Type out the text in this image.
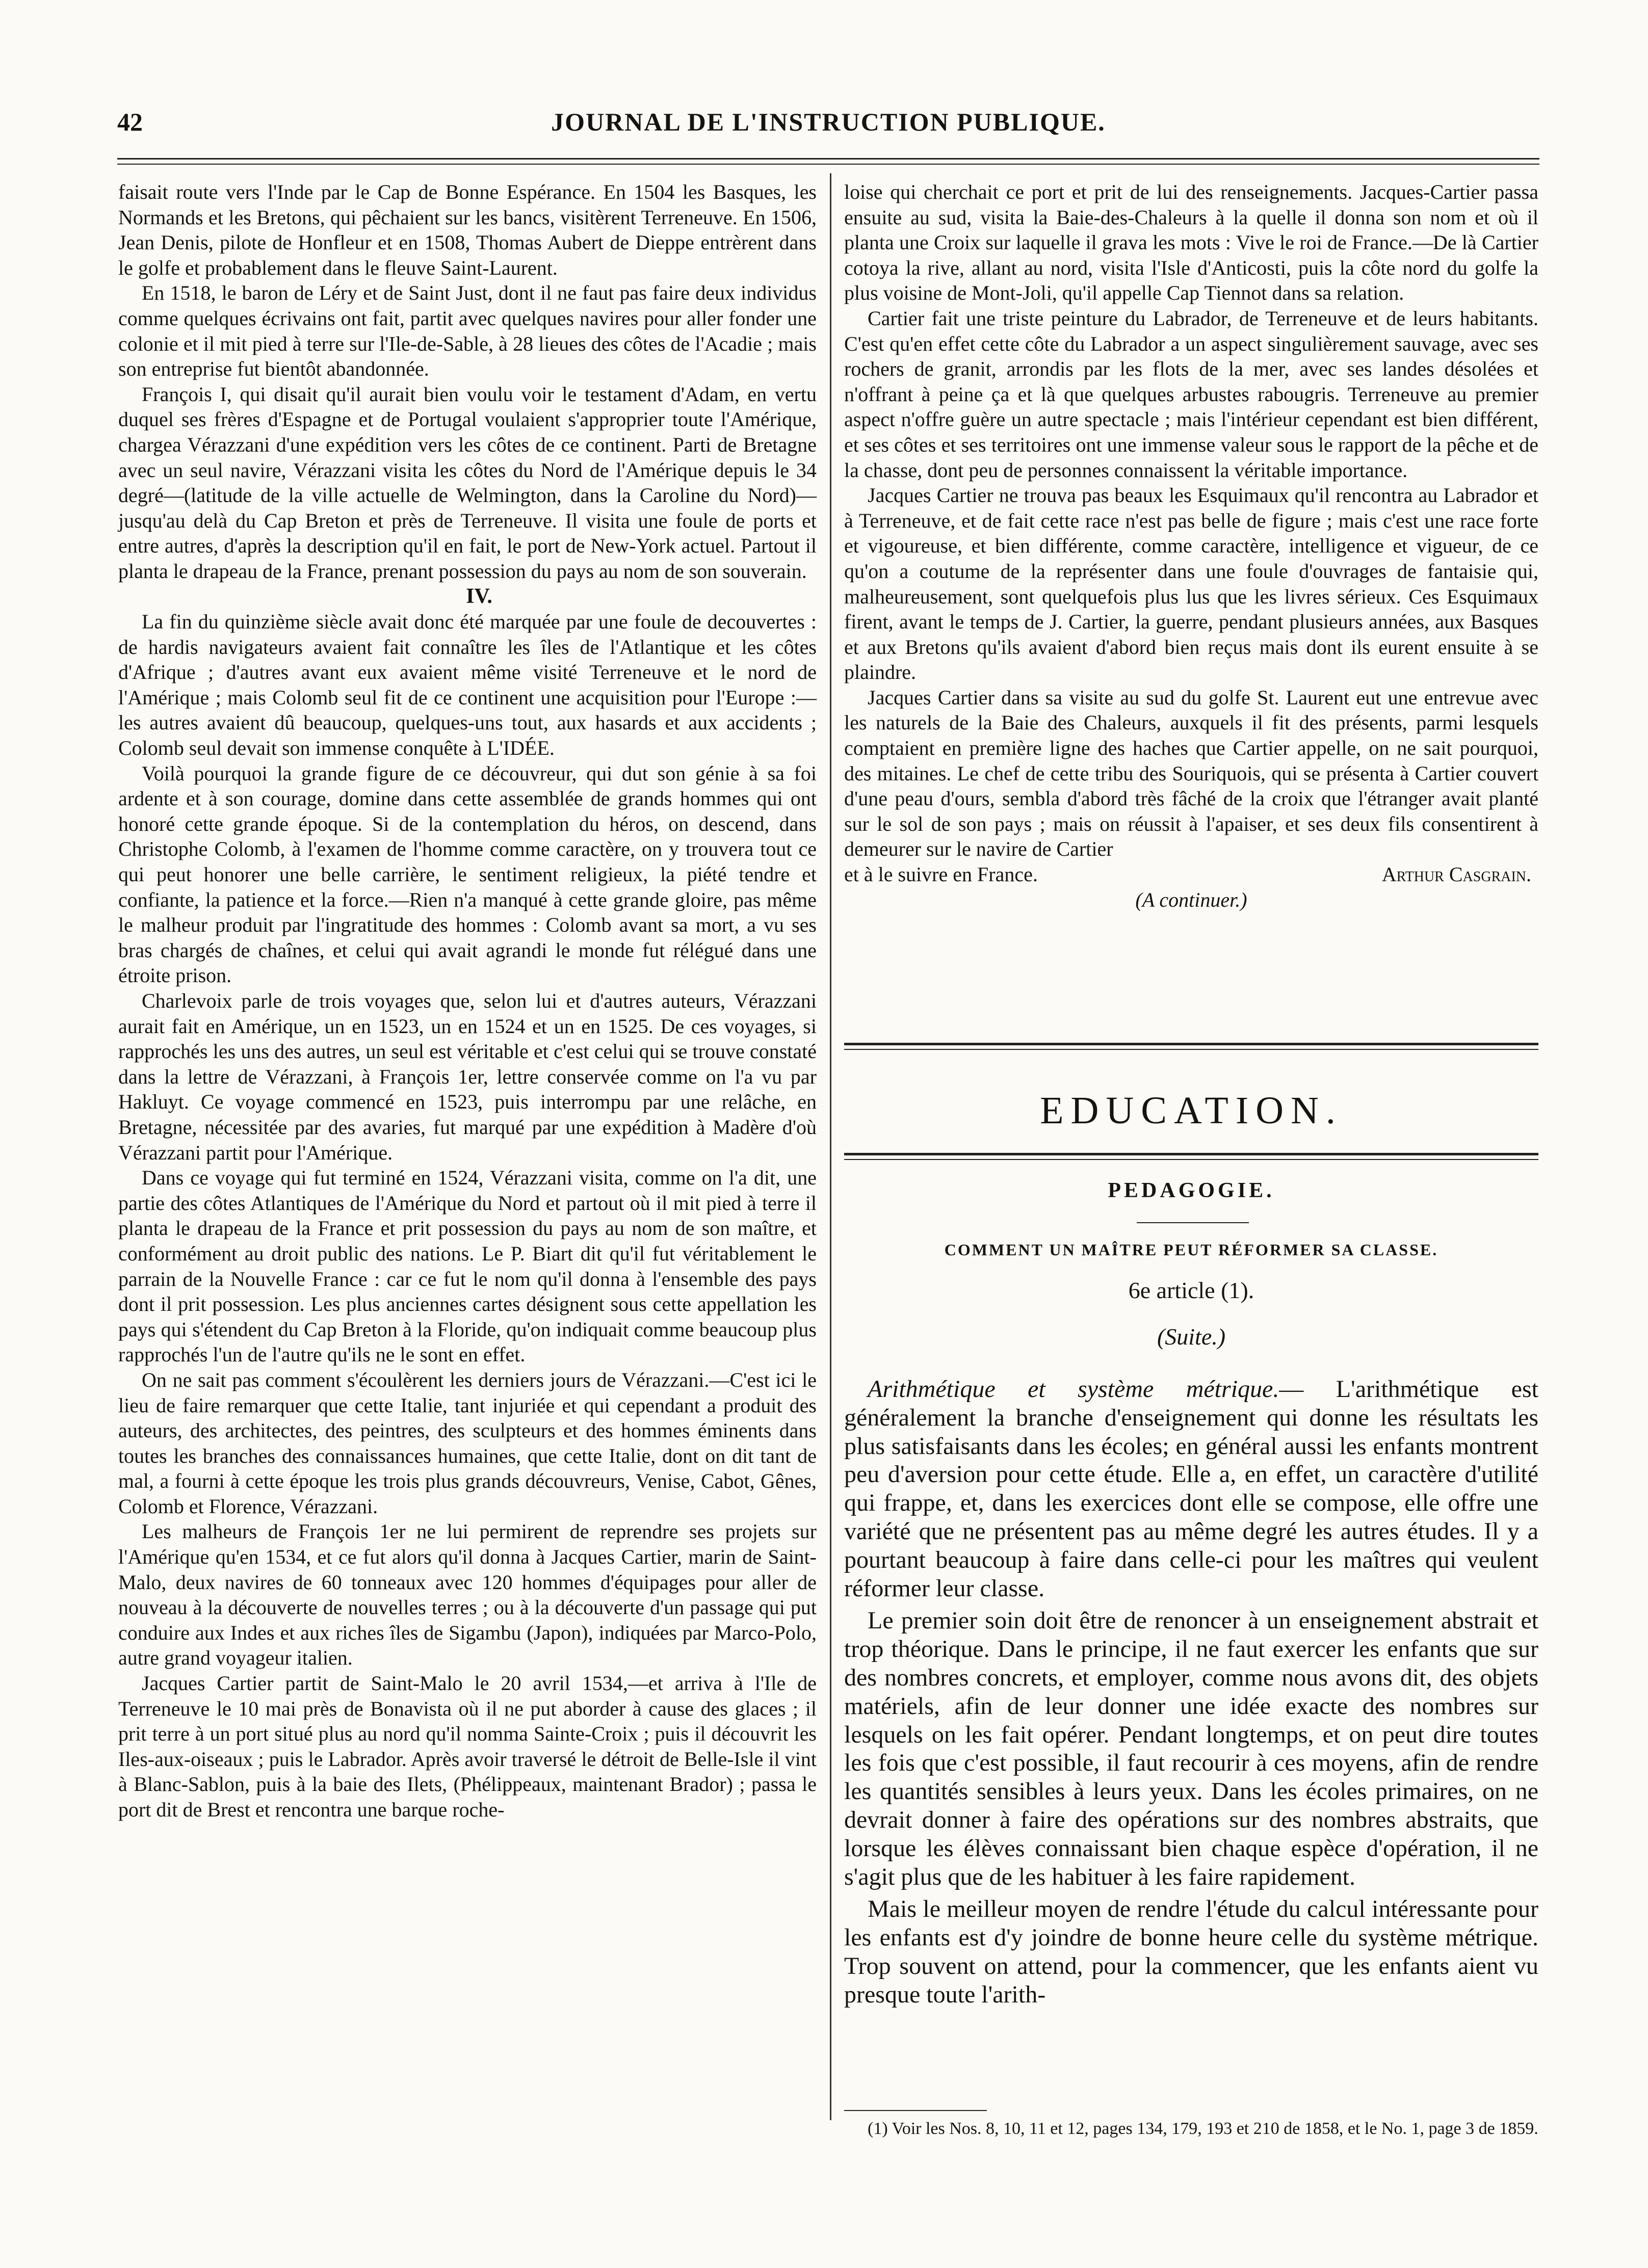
42	JOURNAL DE L'INSTRUCTION PUBLIQUE.

faisait route vers l'Inde par le Cap de Bonne Espérance. En 1504 les Basques, les Normands et les Bretons, qui pêchaient sur les bancs, visitèrent Terreneuve. En 1506, Jean Denis, pilote de Honfleur et en 1508, Thomas Aubert de Dieppe entrèrent dans le golfe et probablement dans le fleuve Saint-Laurent.

En 1518, le baron de Léry et de Saint Just, dont il ne faut pas faire deux individus comme quelques écrivains ont fait, partit avec quelques navires pour aller fonder une colonie et il mit pied à terre sur l'Ile-de-Sable, à 28 lieues des côtes de l'Acadie ; mais son entreprise fut bientôt abandonnée.

François I, qui disait qu'il aurait bien voulu voir le testament d'Adam, en vertu duquel ses frères d'Espagne et de Portugal voulaient s'approprier toute l'Amérique, chargea Vérazzani d'une expédition vers les côtes de ce continent. Parti de Bretagne avec un seul navire, Vérazzani visita les côtes du Nord de l'Amérique depuis le 34 degré—(latitude de la ville actuelle de Welmington, dans la Caroline du Nord)—jusqu'au delà du Cap Breton et près de Terreneuve. Il visita une foule de ports et entre autres, d'après la description qu'il en fait, le port de New-York actuel. Partout il planta le drapeau de la France, prenant possession du pays au nom de son souverain.

IV.

La fin du quinzième siècle avait donc été marquée par une foule de decouvertes : de hardis navigateurs avaient fait connaître les îles de l'Atlantique et les côtes d'Afrique ; d'autres avant eux avaient même visité Terreneuve et le nord de l'Amérique ; mais Colomb seul fit de ce continent une acquisition pour l'Europe :—les autres avaient dû beaucoup, quelques-uns tout, aux hasards et aux accidents ; Colomb seul devait son immense conquête à L'IDÉE.

Voilà pourquoi la grande figure de ce découvreur, qui dut son génie à sa foi ardente et à son courage, domine dans cette assemblée de grands hommes qui ont honoré cette grande époque. Si de la contemplation du héros, on descend, dans Christophe Colomb, à l'examen de l'homme comme caractère, on y trouvera tout ce qui peut honorer une belle carrière, le sentiment religieux, la piété tendre et confiante, la patience et la force.—Rien n'a manqué à cette grande gloire, pas même le malheur produit par l'ingratitude des hommes : Colomb avant sa mort, a vu ses bras chargés de chaînes, et celui qui avait agrandi le monde fut rélégué dans une étroite prison.

Charlevoix parle de trois voyages que, selon lui et d'autres auteurs, Vérazzani aurait fait en Amérique, un en 1523, un en 1524 et un en 1525. De ces voyages, si rapprochés les uns des autres, un seul est véritable et c'est celui qui se trouve constaté dans la lettre de Vérazzani, à François 1er, lettre conservée comme on l'a vu par Hakluyt. Ce voyage commencé en 1523, puis interrompu par une relâche, en Bretagne, nécessitée par des avaries, fut marqué par une expédition à Madère d'où Vérazzani partit pour l'Amérique.

Dans ce voyage qui fut terminé en 1524, Vérazzani visita, comme on l'a dit, une partie des côtes Atlantiques de l'Amérique du Nord et partout où il mit pied à terre il planta le drapeau de la France et prit possession du pays au nom de son maître, et conformément au droit public des nations. Le P. Biart dit qu'il fut véritablement le parrain de la Nouvelle France : car ce fut le nom qu'il donna à l'ensemble des pays dont il prit possession. Les plus anciennes cartes désignent sous cette appellation les pays qui s'étendent du Cap Breton à la Floride, qu'on indiquait comme beaucoup plus rapprochés l'un de l'autre qu'ils ne le sont en effet.

On ne sait pas comment s'écoulèrent les derniers jours de Vérazzani.—C'est ici le lieu de faire remarquer que cette Italie, tant injuriée et qui cependant a produit des auteurs, des architectes, des peintres, des sculpteurs et des hommes éminents dans toutes les branches des connaissances humaines, que cette Italie, dont on dit tant de mal, a fourni à cette époque les trois plus grands découvreurs, Venise, Cabot, Gênes, Colomb et Florence, Vérazzani.

Les malheurs de François 1er ne lui permirent de reprendre ses projets sur l'Amérique qu'en 1534, et ce fut alors qu'il donna à Jacques Cartier, marin de Saint-Malo, deux navires de 60 tonneaux avec 120 hommes d'équipages pour aller de nouveau à la découverte de nouvelles terres ; ou à la découverte d'un passage qui put conduire aux Indes et aux riches îles de Sigambu (Japon), indiquées par Marco-Polo, autre grand voyageur italien.

Jacques Cartier partit de Saint-Malo le 20 avril 1534,—et arriva à l'Ile de Terreneuve le 10 mai près de Bonavista où il ne put aborder à cause des glaces ; il prit terre à un port situé plus au nord qu'il nomma Sainte-Croix ; puis il découvrit les Iles-aux-oiseaux ; puis le Labrador. Après avoir traversé le détroit de Belle-Isle il vint à Blanc-Sablon, puis à la baie des Ilets, (Phélippeaux, maintenant Brador) ; passa le port dit de Brest et rencontra une barque roche-

loise qui cherchait ce port et prit de lui des renseignements. Jacques-Cartier passa ensuite au sud, visita la Baie-des-Chaleurs à la quelle il donna son nom et où il planta une Croix sur laquelle il grava les mots : Vive le roi de France.—De là Cartier cotoya la rive, allant au nord, visita l'Isle d'Anticosti, puis la côte nord du golfe la plus voisine de Mont-Joli, qu'il appelle Cap Tiennot dans sa relation.

Cartier fait une triste peinture du Labrador, de Terreneuve et de leurs habitants. C'est qu'en effet cette côte du Labrador a un aspect singulièrement sauvage, avec ses rochers de granit, arrondis par les flots de la mer, avec ses landes désolées et n'offrant à peine ça et là que quelques arbustes rabougris. Terreneuve au premier aspect n'offre guère un autre spectacle ; mais l'intérieur cependant est bien différent, et ses côtes et ses territoires ont une immense valeur sous le rapport de la pêche et de la chasse, dont peu de personnes connaissent la véritable importance.

Jacques Cartier ne trouva pas beaux les Esquimaux qu'il rencontra au Labrador et à Terreneuve, et de fait cette race n'est pas belle de figure ; mais c'est une race forte et vigoureuse, et bien différente, comme caractère, intelligence et vigueur, de ce qu'on a coutume de la représenter dans une foule d'ouvrages de fantaisie qui, malheureusement, sont quelquefois plus lus que les livres sérieux. Ces Esquimaux firent, avant le temps de J. Cartier, la guerre, pendant plusieurs années, aux Basques et aux Bretons qu'ils avaient d'abord bien reçus mais dont ils eurent ensuite à se plaindre.

Jacques Cartier dans sa visite au sud du golfe St. Laurent eut une entrevue avec les naturels de la Baie des Chaleurs, auxquels il fit des présents, parmi lesquels comptaient en première ligne des haches que Cartier appelle, on ne sait pourquoi, des mitaines. Le chef de cette tribu des Souriquois, qui se présenta à Cartier couvert d'une peau d'ours, sembla d'abord très fâché de la croix que l'étranger avait planté sur le sol de son pays ; mais on réussit à l'apaiser, et ses deux fils consentirent à demeurer sur le navire de Cartier

et à le suivre en France.	Arthur Casgrain.

(A continuer.)

EDUCATION.
PEDAGOGIE.
COMMENT UN MAÎTRE PEUT RÉFORMER SA CLASSE.
6e article (1).
(Suite.)

Arithmétique et système métrique.— L'arithmétique est généralement la branche d'enseignement qui donne les résultats les plus satisfaisants dans les écoles; en général aussi les enfants montrent peu d'aversion pour cette étude. Elle a, en effet, un caractère d'utilité qui frappe, et, dans les exercices dont elle se compose, elle offre une variété que ne présentent pas au même degré les autres études. Il y a pourtant beaucoup à faire dans celle-ci pour les maîtres qui veulent réformer leur classe.

Le premier soin doit être de renoncer à un enseignement abstrait et trop théorique. Dans le principe, il ne faut exercer les enfants que sur des nombres concrets, et employer, comme nous avons dit, des objets matériels, afin de leur donner une idée exacte des nombres sur lesquels on les fait opérer. Pendant longtemps, et on peut dire toutes les fois que c'est possible, il faut recourir à ces moyens, afin de rendre les quantités sensibles à leurs yeux. Dans les écoles primaires, on ne devrait donner à faire des opérations sur des nombres abstraits, que lorsque les élèves connaissant bien chaque espèce d'opération, il ne s'agit plus que de les habituer à les faire rapidement.

Mais le meilleur moyen de rendre l'étude du calcul intéressante pour les enfants est d'y joindre de bonne heure celle du système métrique. Trop souvent on attend, pour la commencer, que les enfants aient vu presque toute l'arith-

(1) Voir les Nos. 8, 10, 11 et 12, pages 134, 179, 193 et 210 de 1858, et le No. 1, page 3 de 1859.
